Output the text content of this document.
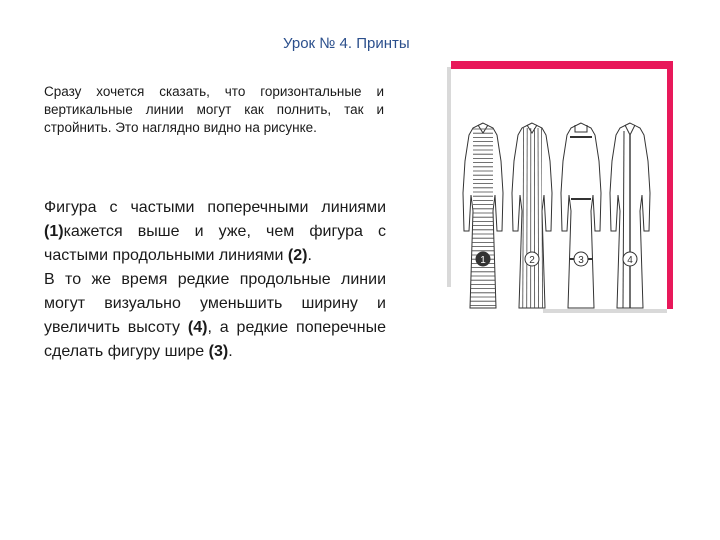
Урок № 4. Принты
Сразу хочется сказать, что горизонтальные и вертикальные линии могут как полнить, так и стройнить. Это наглядно видно на рисунке.

Фигура с частыми поперечными линиями (1)кажется выше и уже, чем фигура с частыми продольными линиями (2).

В то же время редкие продольные линии могут визуально уменьшить ширину и увеличить высоту (4), а редкие поперечные сделать фигуру шире (3).

1	2	3	4
